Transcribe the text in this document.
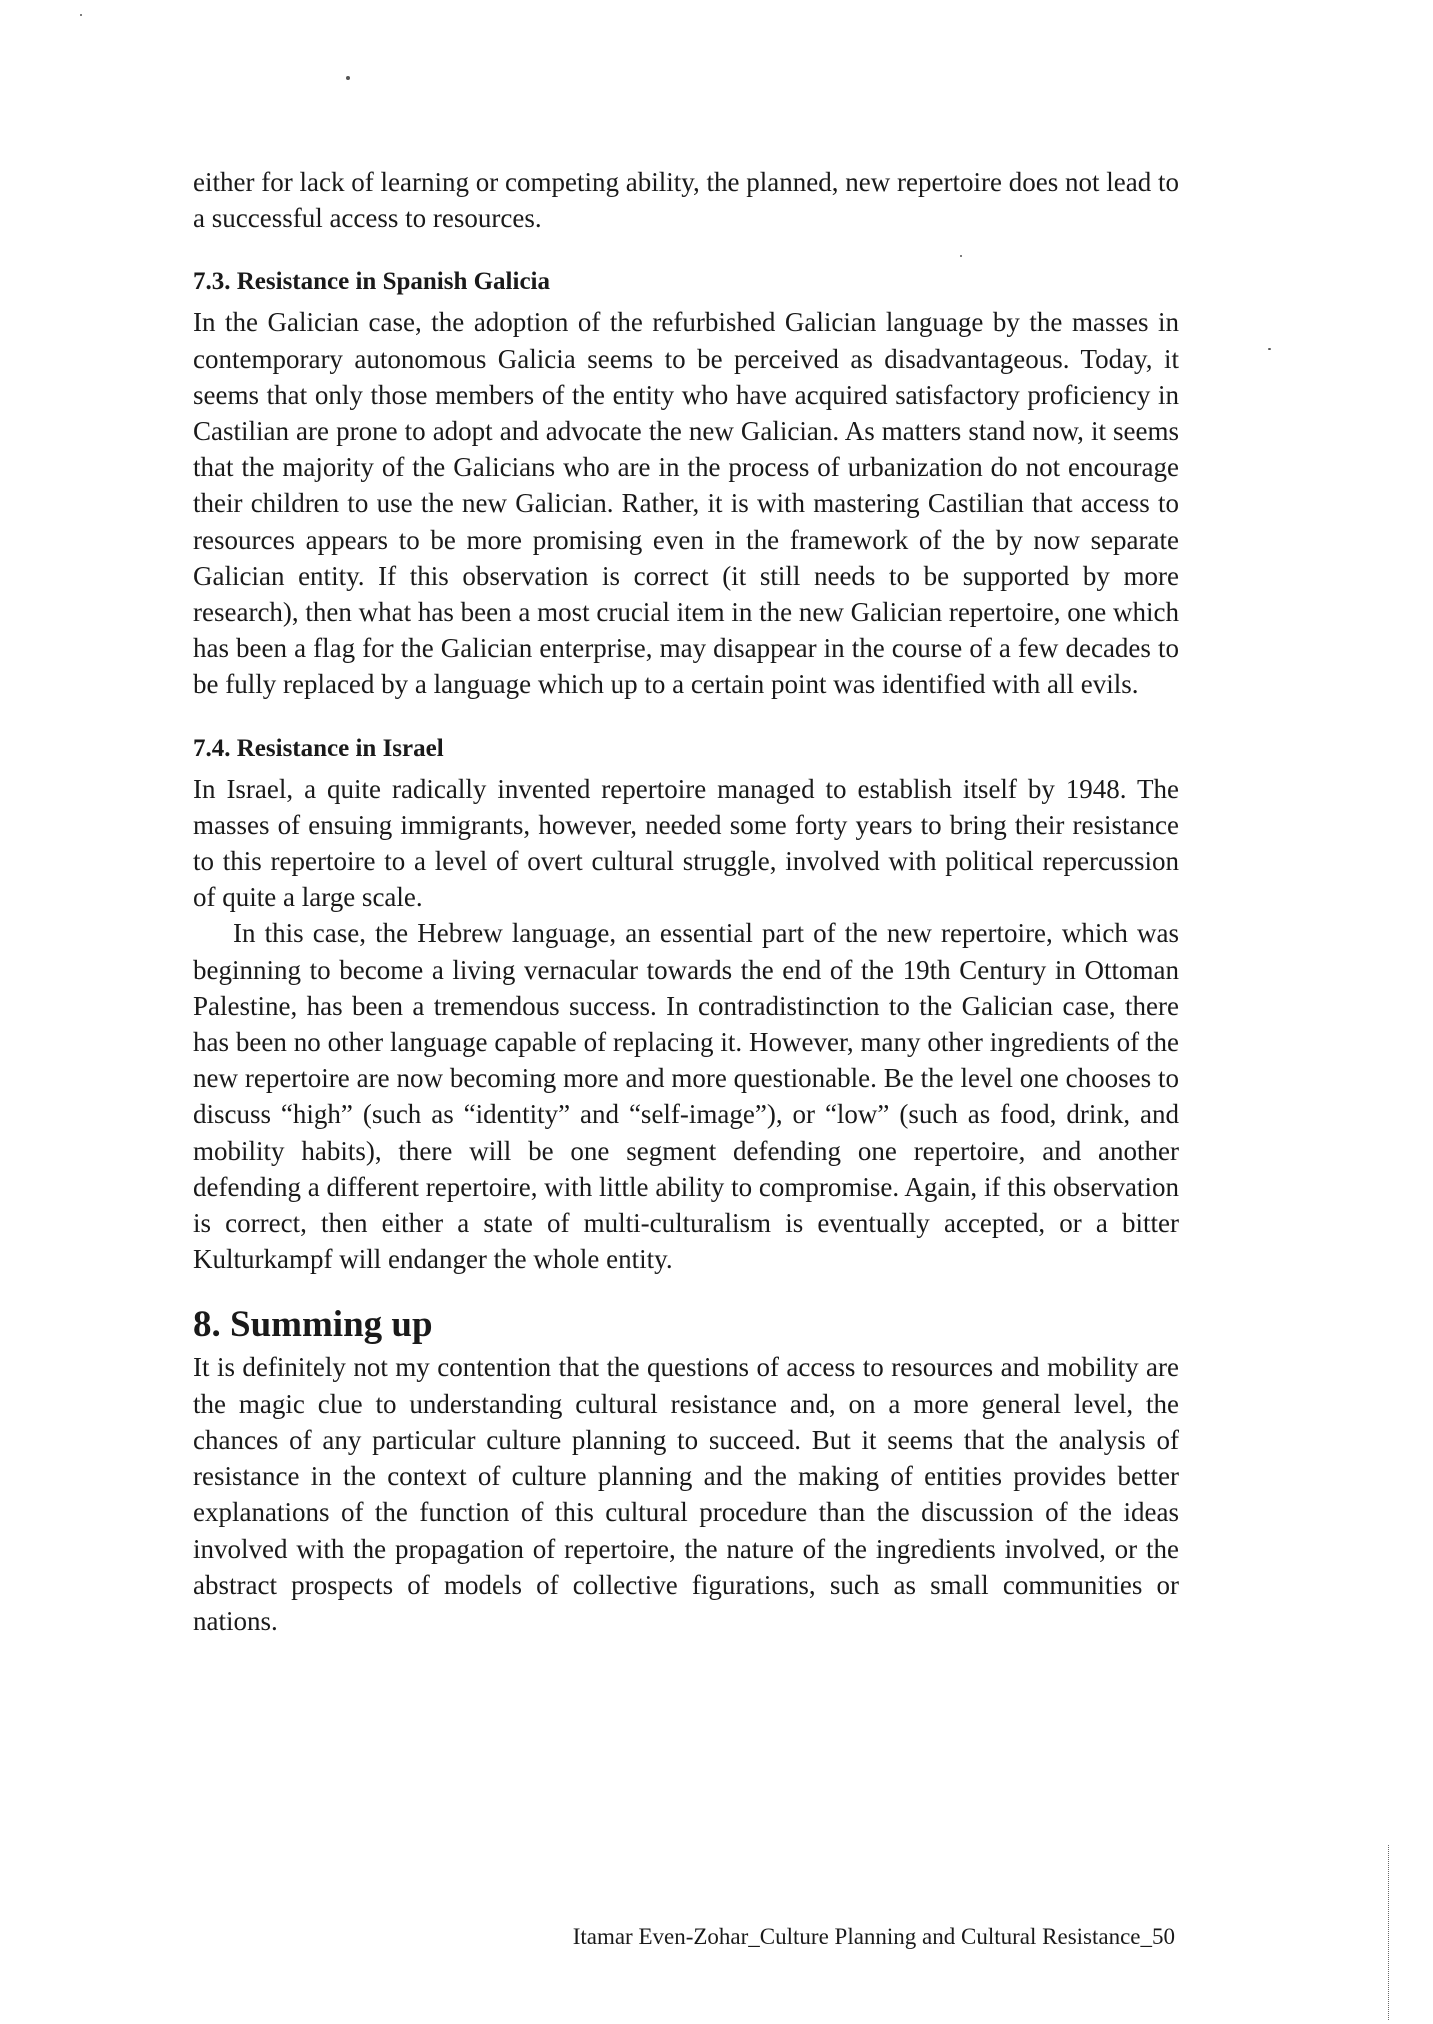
either for lack of learning or competing ability, the planned, new repertoire does not lead to a successful access to resources.

7.3. Resistance in Spanish Galicia

In the Galician case, the adoption of the refurbished Galician language by the masses in contemporary autonomous Galicia seems to be perceived as disadvantageous. Today, it seems that only those members of the entity who have acquired satisfactory proficiency in Castilian are prone to adopt and advocate the new Galician. As matters stand now, it seems that the majority of the Galicians who are in the process of urbanization do not encourage their children to use the new Galician. Rather, it is with mastering Castilian that access to resources appears to be more promising even in the framework of the by now separate Galician entity. If this observation is correct (it still needs to be supported by more research), then what has been a most crucial item in the new Galician repertoire, one which has been a flag for the Galician enterprise, may disappear in the course of a few decades to be fully replaced by a language which up to a certain point was identified with all evils.

7.4. Resistance in Israel

In Israel, a quite radically invented repertoire managed to establish itself by 1948. The masses of ensuing immigrants, however, needed some forty years to bring their resistance to this repertoire to a level of overt cultural struggle, involved with political repercussion of quite a large scale.

In this case, the Hebrew language, an essential part of the new repertoire, which was beginning to become a living vernacular towards the end of the 19th Century in Ottoman Palestine, has been a tremendous success. In contradistinction to the Galician case, there has been no other language capable of replacing it. However, many other ingredients of the new repertoire are now becoming more and more questionable. Be the level one chooses to discuss “high” (such as “identity” and “self-image”), or “low” (such as food, drink, and mobility habits), there will be one segment defending one repertoire, and another defending a different repertoire, with little ability to compromise. Again, if this observation is correct, then either a state of multi-culturalism is eventually accepted, or a bitter Kulturkampf will endanger the whole entity.

8. Summing up

It is definitely not my contention that the questions of access to resources and mobility are the magic clue to understanding cultural resistance and, on a more general level, the chances of any particular culture planning to succeed. But it seems that the analysis of resistance in the context of culture planning and the making of entities provides better explanations of the function of this cultural procedure than the discussion of the ideas involved with the propagation of repertoire, the nature of the ingredients involved, or the abstract prospects of models of collective figurations, such as small communities or nations.

Itamar Even-Zohar_Culture Planning and Cultural Resistance_50
